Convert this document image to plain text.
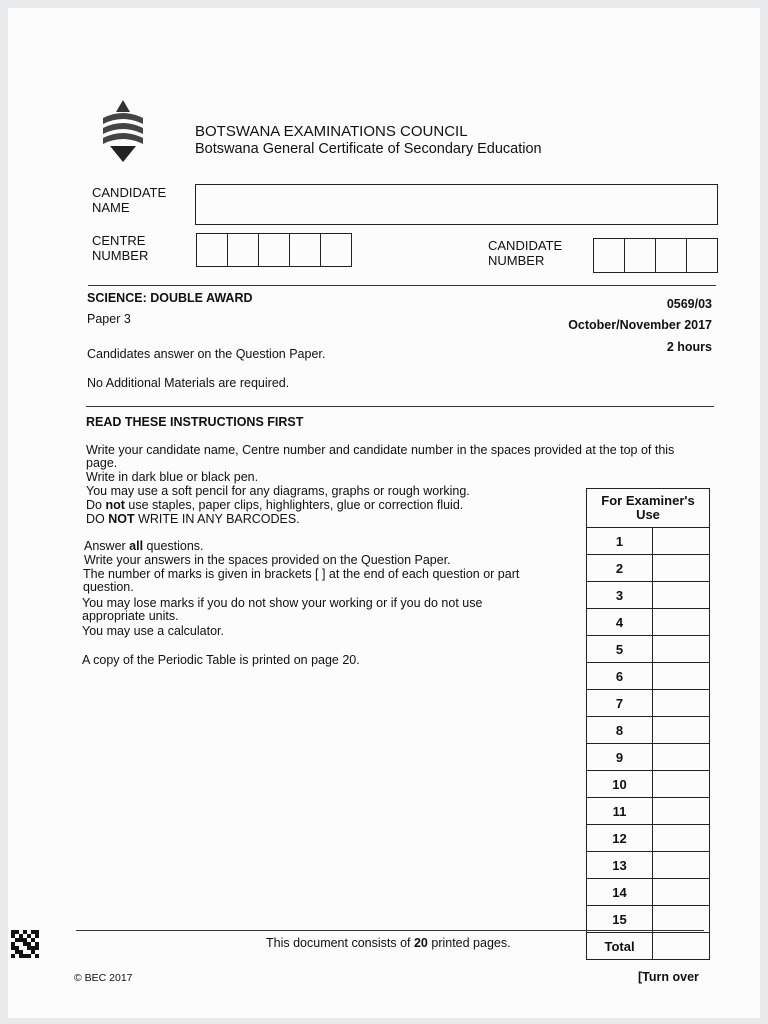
BOTSWANA EXAMINATIONS COUNCIL
Botswana General Certificate of Secondary Education
CANDIDATE NAME
CENTRE NUMBER
CANDIDATE NUMBER
SCIENCE: DOUBLE AWARD
Paper 3
0569/03
October/November 2017
2 hours
Candidates answer on the Question Paper.
No Additional Materials are required.
READ THESE INSTRUCTIONS FIRST
Write your candidate name, Centre number and candidate number in the spaces provided at the top of this page.
Write in dark blue or black pen.
You may use a soft pencil for any diagrams, graphs or rough working.
Do not use staples, paper clips, highlighters, glue or correction fluid.
DO NOT WRITE IN ANY BARCODES.
Answer all questions.
Write your answers in the spaces provided on the Question Paper.
The number of marks is given in brackets [ ] at the end of each question or part question.
You may lose marks if you do not show your working or if you do not use appropriate units.
You may use a calculator.
A copy of the Periodic Table is printed on page 20.
For Examiner's Use	
1	
2	
3	
4	
5	
6	
7	
8	
9	
10	
11	
12	
13	
14	
15	
Total	
This document consists of 20 printed pages.
© BEC 2017	[Turn over
